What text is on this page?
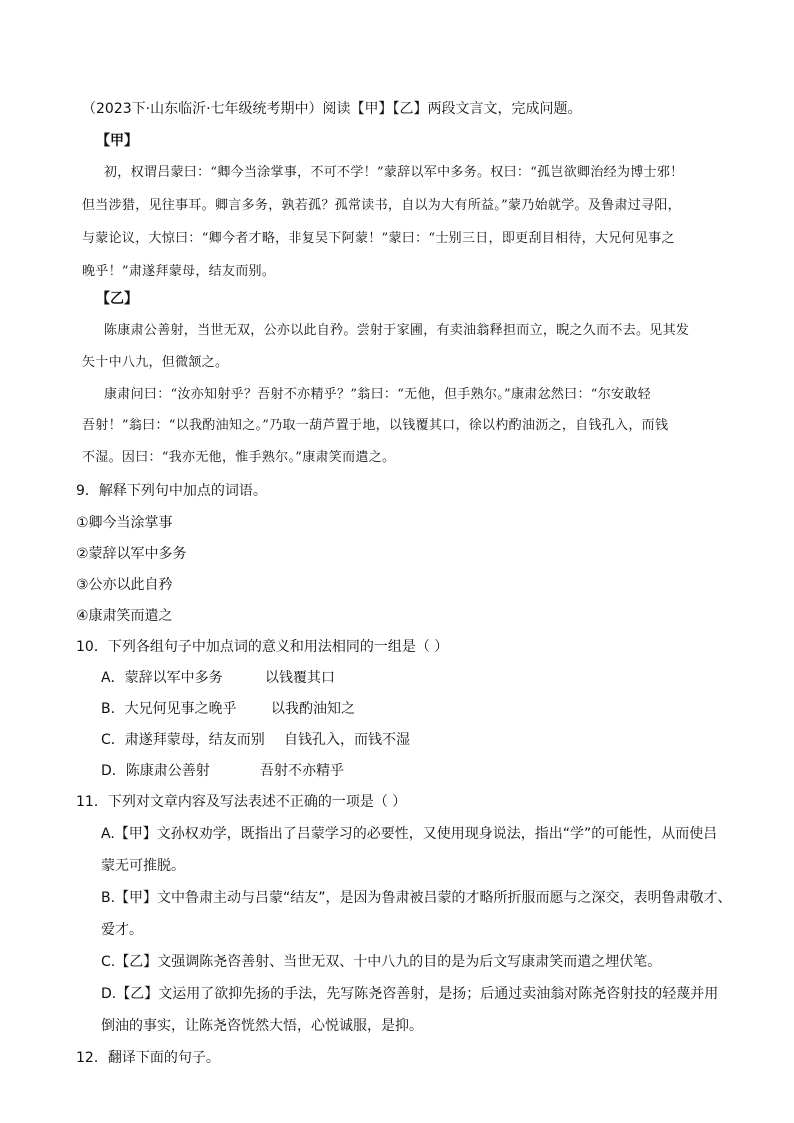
（2023下·山东临沂·七年级统考期中）阅读【甲】【乙】两段文言文，完成问题。
【甲】
初，权谓吕蒙曰：“卿今当涂掌事，不可不学！”蒙辞以军中多务。权曰：“孤岂欲卿治经为博士邪！
但当涉猎，见往事耳。卿言多务，孰若孤？孤常读书，自以为大有所益。”蒙乃始就学。及鲁肃过寻阳，
与蒙论议，大惊曰：“卿今者才略，非复吴下阿蒙！”蒙曰：“士别三日，即更刮目相待，大兄何见事之
晚乎！”肃遂拜蒙母，结友而别。
【乙】
陈康肃公善射，当世无双，公亦以此自矜。尝射于家圃，有卖油翁释担而立，睨之久而不去。见其发
矢十中八九，但微颔之。
康肃问曰：“汝亦知射乎？吾射不亦精乎？”翁曰：“无他，但手熟尔。”康肃忿然曰：“尔安敢轻
吾射！”翁曰：“以我酌油知之。”乃取一葫芦置于地，以钱覆其口，徐以杓酌油沥之，自钱孔入，而钱
不湿。因曰：“我亦无他，惟手熟尔。”康肃笑而遣之。
9．解释下列句中加点的词语。
①卿今当涂掌事
②蒙辞以军中多务
③公亦以此自矜
④康肃笑而遣之
10．下列各组句子中加点词的意义和用法相同的一组是（ ）
A．蒙辞以军中多务	以钱覆其口
B．大兄何见事之晚乎 以我酌油知之
C．肃遂拜蒙母，结友而别 自钱孔入，而钱不湿
D．陈康肃公善射	吾射不亦精乎
11．下列对文章内容及写法表述不正确的一项是（ ）
A.【甲】文孙权劝学，既指出了吕蒙学习的必要性，又使用现身说法，指出“学”的可能性，从而使吕
蒙无可推脱。
B.【甲】文中鲁肃主动与吕蒙“结友”，是因为鲁肃被吕蒙的才略所折服而愿与之深交，表明鲁肃敬才、
爱才。
C.【乙】文强调陈尧咨善射、当世无双、十中八九的目的是为后文写康肃笑而遣之埋伏笔。
D.【乙】文运用了欲抑先扬的手法，先写陈尧咨善射，是扬；后通过卖油翁对陈尧咨射技的轻蔑并用
倒油的事实，让陈尧咨恍然大悟，心悦诚服，是抑。
12．翻译下面的句子。
